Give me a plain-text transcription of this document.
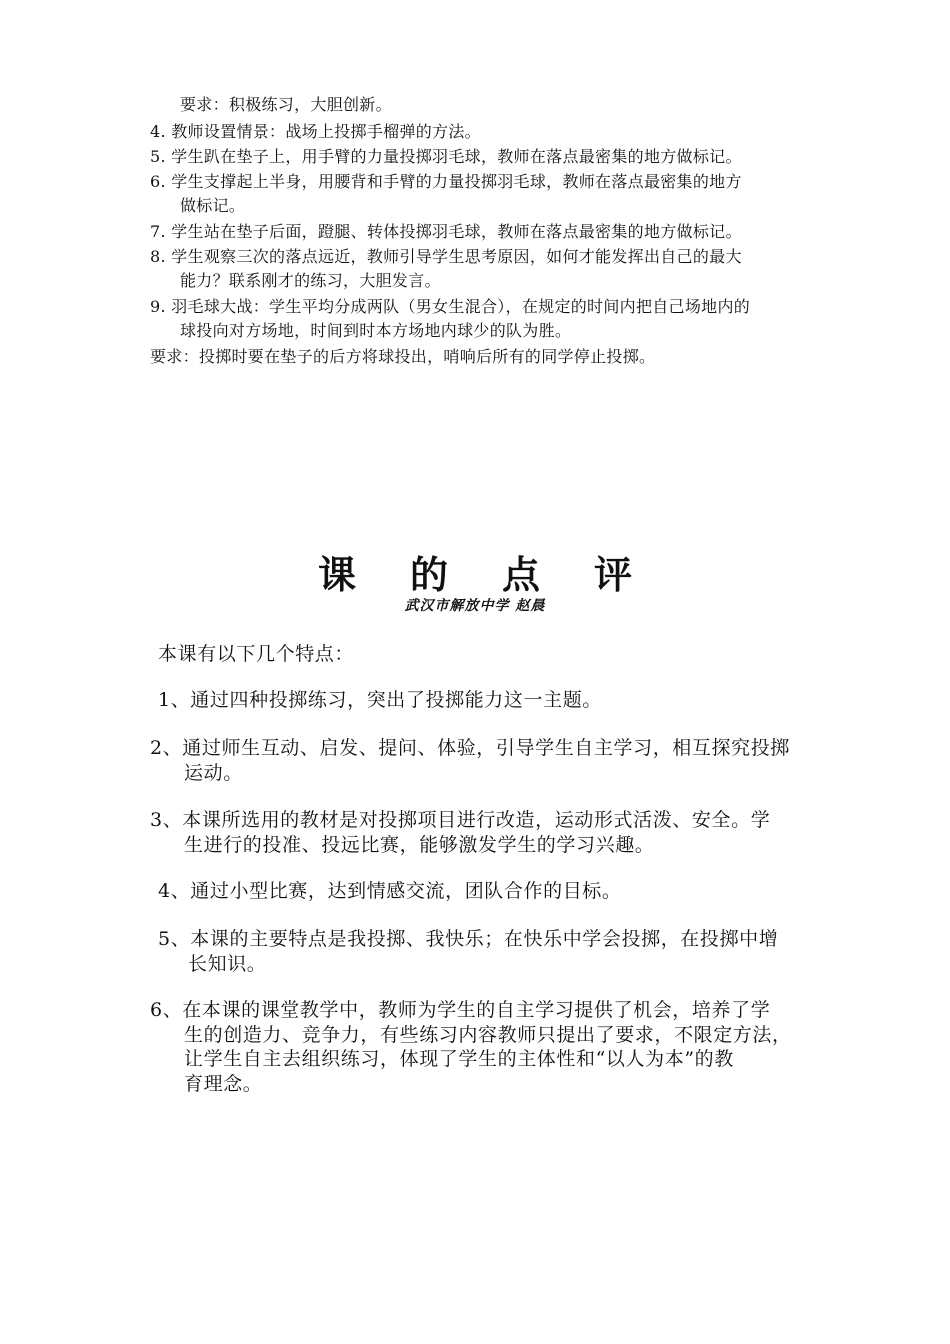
要求：积极练习，大胆创新。
4. 教师设置情景：战场上投掷手榴弹的方法。
5. 学生趴在垫子上，用手臂的力量投掷羽毛球，教师在落点最密集的地方做标记。
6. 学生支撑起上半身，用腰背和手臂的力量投掷羽毛球，教师在落点最密集的地方
做标记。
7. 学生站在垫子后面，蹬腿、转体投掷羽毛球，教师在落点最密集的地方做标记。
8. 学生观察三次的落点远近，教师引导学生思考原因，如何才能发挥出自己的最大
能力？联系刚才的练习，大胆发言。
9. 羽毛球大战：学生平均分成两队（男女生混合），在规定的时间内把自己场地内的
球投向对方场地，时间到时本方场地内球少的队为胜。
要求：投掷时要在垫子的后方将球投出，哨响后所有的同学停止投掷。
课的点评
武汉市解放中学 赵晨
本课有以下几个特点：
1、通过四种投掷练习，突出了投掷能力这一主题。
2、通过师生互动、启发、提问、体验，引导学生自主学习，相互探究投掷
运动。
3、本课所选用的教材是对投掷项目进行改造，运动形式活泼、安全。学
生进行的投准、投远比赛，能够激发学生的学习兴趣。
4、通过小型比赛，达到情感交流，团队合作的目标。
5、本课的主要特点是我投掷、我快乐；在快乐中学会投掷，在投掷中增
长知识。
6、在本课的课堂教学中，教师为学生的自主学习提供了机会，培养了学
生的创造力、竞争力，有些练习内容教师只提出了要求，不限定方法，
让学生自主去组织练习，体现了学生的主体性和“以人为本”的教
育理念。
